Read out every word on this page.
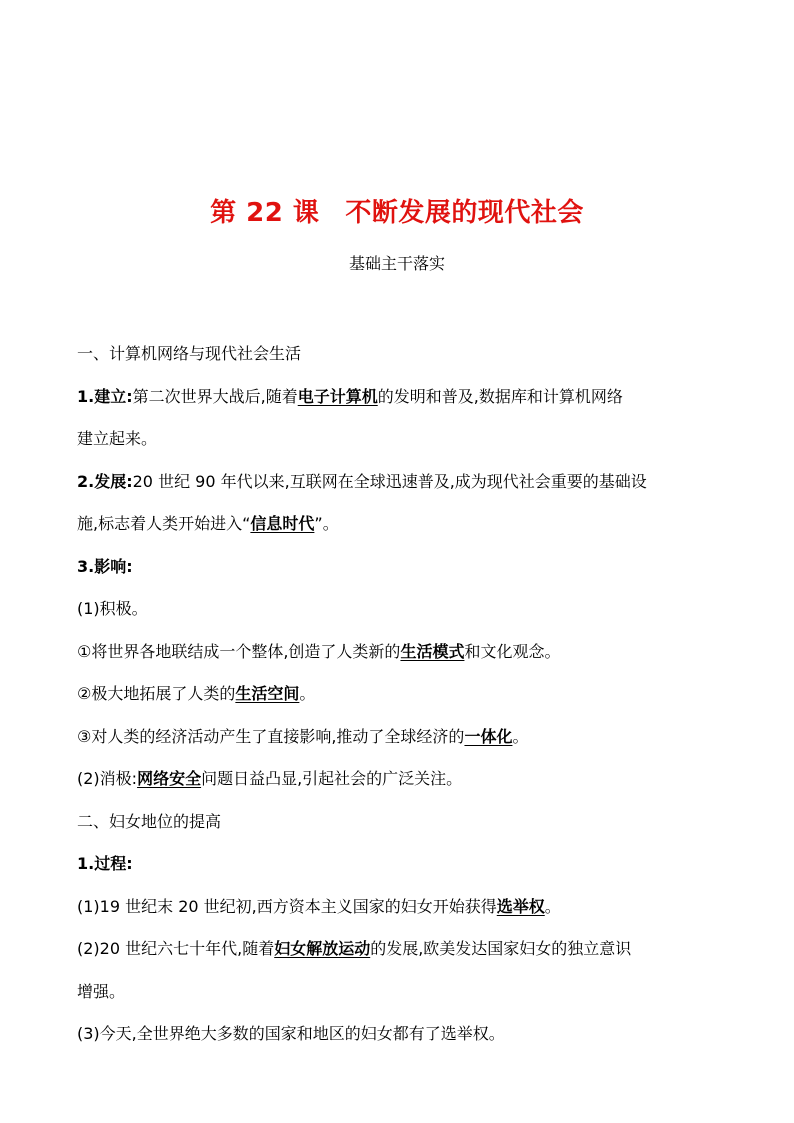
第 22 课 不断发展的现代社会
基础主干落实
一、计算机网络与现代社会生活
1.建立:第二次世界大战后,随着电子计算机的发明和普及,数据库和计算机网络
建立起来。
2.发展:20 世纪 90 年代以来,互联网在全球迅速普及,成为现代社会重要的基础设
施,标志着人类开始进入“信息时代”。
3.影响:
(1)积极。
①将世界各地联结成一个整体,创造了人类新的生活模式和文化观念。
②极大地拓展了人类的生活空间。
③对人类的经济活动产生了直接影响,推动了全球经济的一体化。
(2)消极:网络安全问题日益凸显,引起社会的广泛关注。
二、妇女地位的提高
1.过程:
(1)19 世纪末 20 世纪初,西方资本主义国家的妇女开始获得选举权。
(2)20 世纪六七十年代,随着妇女解放运动的发展,欧美发达国家妇女的独立意识
增强。
(3)今天,全世界绝大多数的国家和地区的妇女都有了选举权。
